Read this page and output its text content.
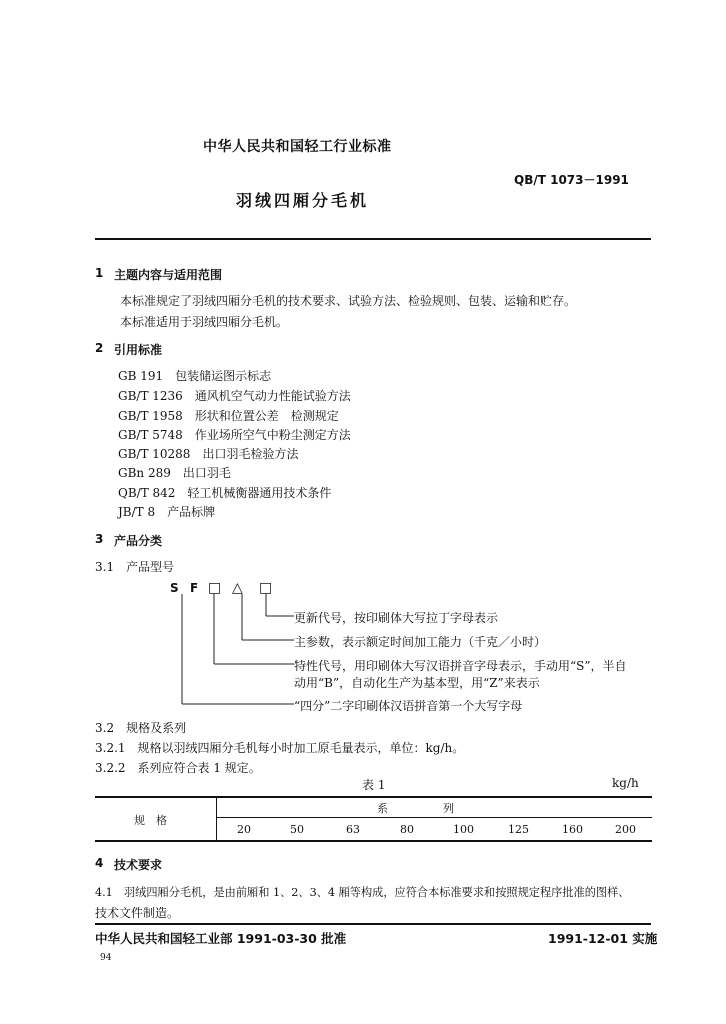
中华人民共和国轻工行业标准
QB/T 1073－1991
羽绒四厢分毛机
1 主题内容与适用范围
本标准规定了羽绒四厢分毛机的技术要求、试验方法、检验规则、包装、运输和贮存。
本标准适用于羽绒四厢分毛机。
2 引用标准
GB 191　包装储运图示标志
GB/T 1236　通风机空气动力性能试验方法
GB/T 1958　形状和位置公差　检测规定
GB/T 5748　作业场所空气中粉尘测定方法
GB/T 10288　出口羽毛检验方法
GBn 289　出口羽毛
QB/T 842　轻工机械衡器通用技术条件
JB/T 8　产品标牌
3 产品分类
3.1　产品型号
S F □ △ □
更新代号，按印刷体大写拉丁字母表示
主参数，表示额定时间加工能力（千克／小时）
特性代号，用印刷体大写汉语拼音字母表示，手动用“S”，半自
动用“B”，自动化生产为基本型，用“Z”来表示
“四分”二字印刷体汉语拼音第一个大写字母
3.2　规格及系列
3.2.1　规格以羽绒四厢分毛机每小时加工原毛量表示，单位：kg/h。
3.2.2　系列应符合表 1 规定。
表 1	kg/h
系　　　　　列
规　格
20	50	63	80	100	125	160	200
4 技术要求
4.1　羽绒四厢分毛机，是由前厢和 1、2、3、4 厢等构成，应符合本标准要求和按照规定程序批准的图样、
技术文件制造。
中华人民共和国轻工业部 1991-03-30 批准	1991-12-01 实施
94
